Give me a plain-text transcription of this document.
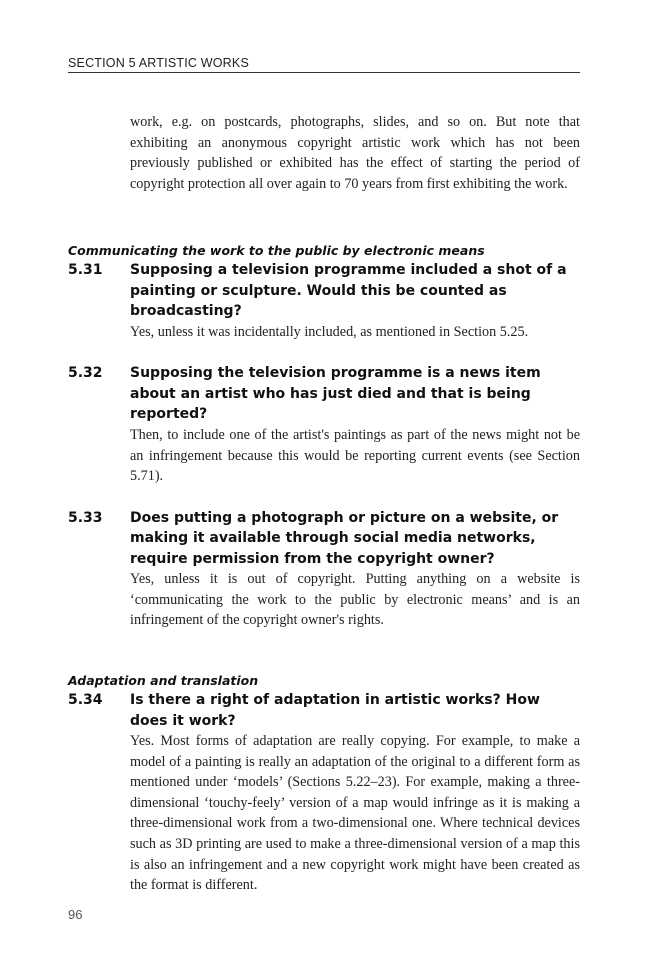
SECTION 5 ARTISTIC WORKS

work, e.g. on postcards, photographs, slides, and so on. But note that exhibiting an anonymous copyright artistic work which has not been previously published or exhibited has the effect of starting the period of copyright protection all over again to 70 years from first exhibiting the work.

Communicating the work to the public by electronic means

5.31	Supposing a television programme included a shot of a painting or sculpture. Would this be counted as broadcasting?

Yes, unless it was incidentally included, as mentioned in Section 5.25.

5.32	Supposing the television programme is a news item about an artist who has just died and that is being reported?

Then, to include one of the artist's paintings as part of the news might not be an infringement because this would be reporting current events (see Section 5.71).

5.33	Does putting a photograph or picture on a website, or making it available through social media networks, require permission from the copyright owner?

Yes, unless it is out of copyright. Putting anything on a website is ‘communicating the work to the public by electronic means’ and is an infringement of the copyright owner's rights.

Adaptation and translation

5.34	Is there a right of adaptation in artistic works? How does it work?

Yes. Most forms of adaptation are really copying. For example, to make a model of a painting is really an adaptation of the original to a different form as mentioned under ‘models’ (Sections 5.22–23). For example, making a three-dimensional ‘touchy-feely’ version of a map would infringe as it is making a three-dimensional work from a two-dimensional one. Where technical devices such as 3D printing are used to make a three-dimensional version of a map this is also an infringement and a new copyright work might have been created as the format is different.

96
